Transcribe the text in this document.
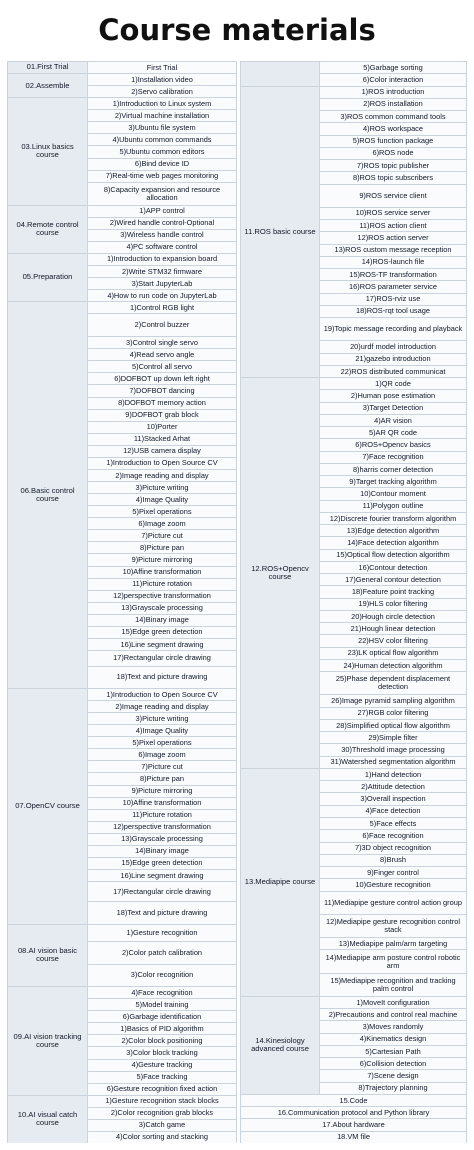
Course materials
First Trial
01.First Trial
1)Installation video
2)Servo calibration
02.Assemble
1)Introduction to Linux system
2)Virtual machine installation
3)Ubuntu file system
4)Ubuntu common commands
5)Ubuntu common editors
6)Bind device ID
7)Real-time web pages monitoring
8)Capacity expansion and resource allocation
03.Linux basics course
1)APP control
2)Wired handle control-Optional
3)Wireless handle control
4)PC software control
04.Remote control course
1)Introduction to expansion board
2)Write STM32 firmware
3)Start JupyterLab
4)How to run code on JupyterLab
05.Preparation
1)Control RGB light
2)Control buzzer
3)Control single servo
4)Read servo angle
5)Control all servo
6)DOFBOT up down left right
7)DOFBOT dancing
8)DOFBOT memory action
9)DOFBOT grab block
10)Porter
11)Stacked Arhat
12)USB camera display
1)Introduction to Open Source CV
2)Image reading and display
3)Picture writing
4)Image Quality
5)Pixel operations
6)Image zoom
7)Picture cut
8)Picture pan
9)Picture mirroring
10)Affine transformation
11)Picture rotation
12)perspective transformation
13)Grayscale processing
14)Binary image
15)Edge green detection
16)Line segment drawing
17)Rectangular circle drawing
18)Text and picture drawing
06.Basic control course
1)Introduction to Open Source CV
2)Image reading and display
3)Picture writing
4)Image Quality
5)Pixel operations
6)Image zoom
7)Picture cut
8)Picture pan
9)Picture mirroring
10)Affine transformation
11)Picture rotation
12)perspective transformation
13)Grayscale processing
14)Binary image
15)Edge green detection
16)Line segment drawing
17)Rectangular circle drawing
18)Text and picture drawing
07.OpenCV course
1)Gesture recognition
2)Color patch calibration
3)Color recognition
08.AI vision basic course
4)Face recognition
5)Model training
6)Garbage identification
1)Basics of PID algorithm
2)Color block positioning
3)Color block tracking
4)Gesture tracking
5)Face tracking
6)Gesture recognition fixed action
09.AI vision tracking course
1)Gesture recognition stack blocks
2)Color recognition grab blocks
3)Catch game
4)Color sorting and stacking
10.AI visual catch course
5)Garbage sorting
6)Color interaction
1)ROS introduction
2)ROS installation
3)ROS common command tools
4)ROS workspace
5)ROS function package
6)ROS node
7)ROS topic publisher
8)ROS topic subscribers
9)ROS service client
10)ROS service server
11)ROS action client
12)ROS action server
13)ROS custom message reception
14)ROS-launch file
15)ROS-TF transformation
16)ROS parameter service
17)ROS-rviz use
18)ROS-rqt tool usage
19)Topic message recording and playback
20)urdf model introduction
21)gazebo introduction
22)ROS distributed communicat
11.ROS basic course
1)QR code
2)Human pose estimation
3)Target Detection
4)AR vision
5)AR QR code
6)ROS+Opencv basics
7)Face recognition
8)harris corner detection
9)Target tracking algorithm
10)Contour moment
11)Polygon outline
12)Discrete fourier transform algorithm
13)Edge detection algorithm
14)Face detection algorithm
15)Optical flow detection algorithm
16)Contour detection
17)General contour detection
18)Feature point tracking
19)HLS color filtering
20)Hough circle detection
21)Hough linear detection
22)HSV color filtering
23)LK optical flow algorithm
24)Human detection algorithm
25)Phase dependent displacement detection
26)Image pyramid sampling algorithm
27)RGB color filtering
28)Simplified optical flow algorithm
29)Simple filter
30)Threshold image processing
31)Watershed segmentation algorithm
12.ROS+Opencv course
1)Hand detection
2)Attitude detection
3)Overall inspection
4)Face detection
5)Face effects
6)Face recognition
7)3D object recognition
8)Brush
9)Finger control
10)Gesture recognition
11)Mediapipe gesture control action group
12)Mediapipe gesture recognition control stack
13)Mediapipe palm/arm targeting
14)Mediapipe arm posture control robotic arm
15)Mediapipe recognition and tracking palm control
13.Mediapipe course
1)MoveIt configuration
2)Precautions and control real machine
3)Moves randomly
4)Kinematics design
5)Cartesian Path
6)Collision detection
7)Scene design
8)Trajectory planning
14.Kinesiology advanced course
15.Code
16.Communication protocol and Python library
17.About hardware
18.VM file
